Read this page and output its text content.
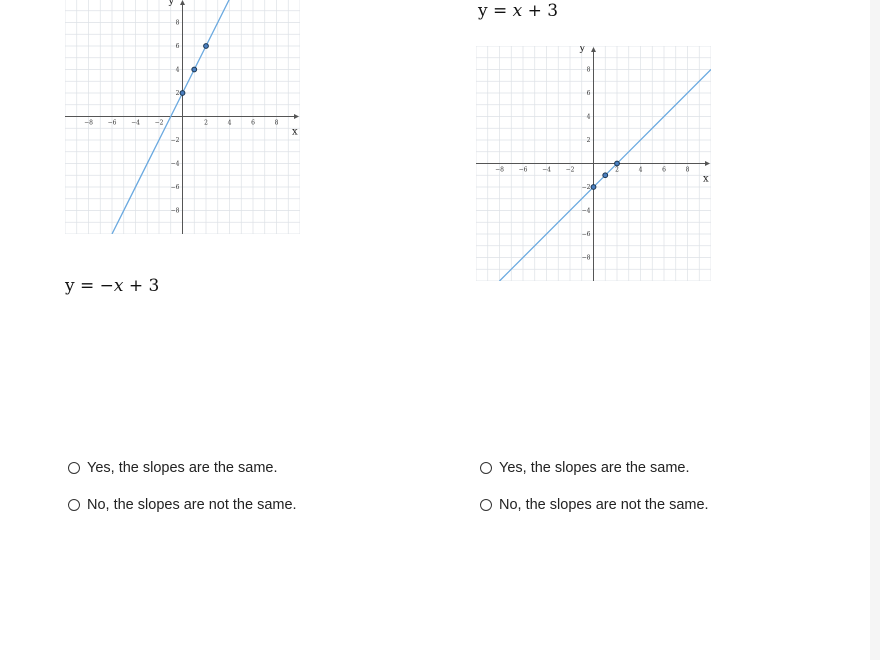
x
y
−8 −6 −4 −2	2	4	6	8
8
6
4
2
−2
−4
−6
−8
y = −x + 3
Yes, the slopes are the same.
No, the slopes are not the same.
y = x + 3
x
y
−8 −6 −4 −2	2	4	6	8
8
6
4
2
−2
−4
−6
−8
Yes, the slopes are the same.
No, the slopes are not the same.
